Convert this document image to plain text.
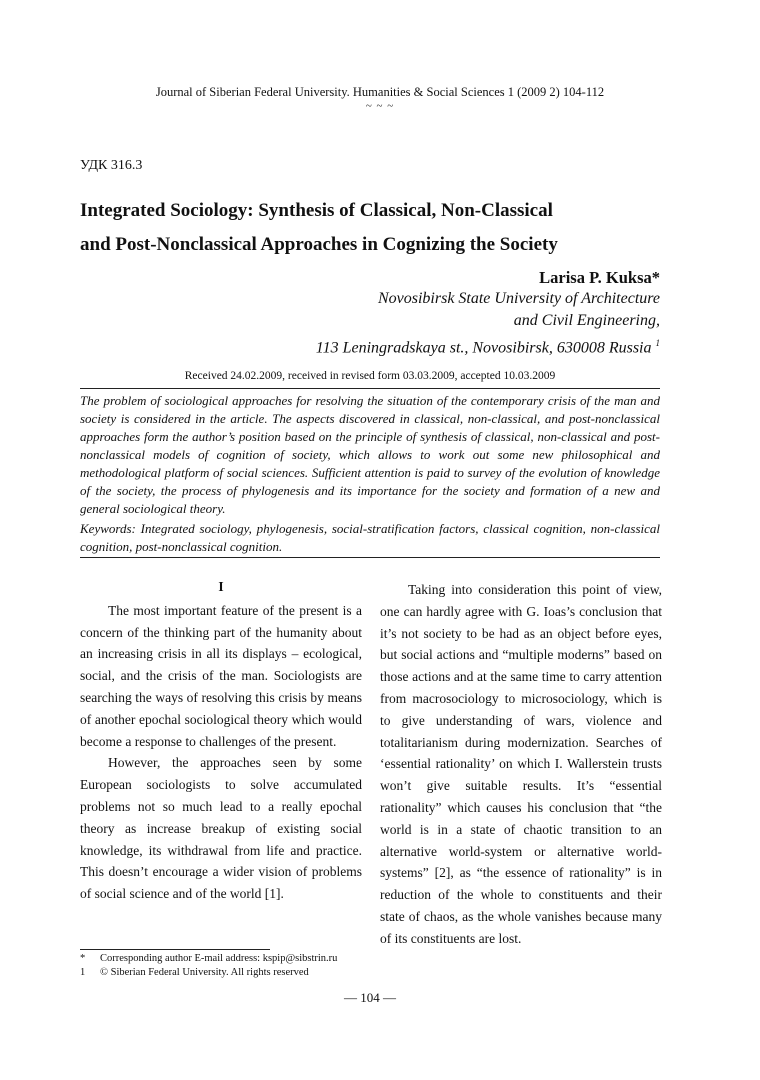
Journal of Siberian Federal University. Humanities & Social Sciences 1 (2009 2) 104-112
~ ~ ~
УДК 316.3
Integrated Sociology: Synthesis of Classical, Non-Classical
and Post-Nonclassical Approaches in Cognizing the Society
Larisa P. Kuksa*
Novosibirsk State University of Architecture
and Civil Engineering,
113 Leningradskaya st., Novosibirsk, 630008 Russia $^1$
Received 24.02.2009, received in revised form 03.03.2009, accepted 10.03.2009
The problem of sociological approaches for resolving the situation of the contemporary crisis of the man and society is considered in the article. The aspects discovered in classical, non-classical, and post-nonclassical approaches form the author’s position based on the principle of synthesis of classical, non-classical and post-nonclassical models of cognition of society, which allows to work out some new philosophical and methodological platform of social sciences. Sufficient attention is paid to survey of the evolution of knowledge of the society, the process of phylogenesis and its importance for the society and formation of a new and general sociological theory.
Keywords: Integrated sociology, phylogenesis, social-stratification factors, classical cognition, non-classical cognition, post-nonclassical cognition.

I

The most important feature of the present is a concern of the thinking part of the humanity about an increasing crisis in all its displays – ecological, social, and the crisis of the man. Sociologists are searching the ways of resolving this crisis by means of another epochal sociological theory which would become a response to challenges of the present.

However, the approaches seen by some European sociologists to solve accumulated problems not so much lead to a really epochal theory as increase breakup of existing social knowledge, its withdrawal from life and practice. This doesn’t encourage a wider vision of problems of social science and of the world [1].

Taking into consideration this point of view, one can hardly agree with G. Ioas’s conclusion that it’s not society to be had as an object before eyes, but social actions and “multiple moderns” based on those actions and at the same time to carry attention from macrosociology to microsociology, which is to give understanding of wars, violence and totalitarianism during modernization. Searches of ‘essential rationality’ on which I. Wallerstein trusts won’t give suitable results. It’s “essential rationality” which causes his conclusion that “the world is in a state of chaotic transition to an alternative world-system or alternative world-systems” [2], as “the essence of rationality” is in reduction of the whole to constituents and their state of chaos, as the whole vanishes because many of its constituents are lost.

* Corresponding author E-mail address: kspip@sibstrin.ru
1 © Siberian Federal University. All rights reserved
— 104 —
